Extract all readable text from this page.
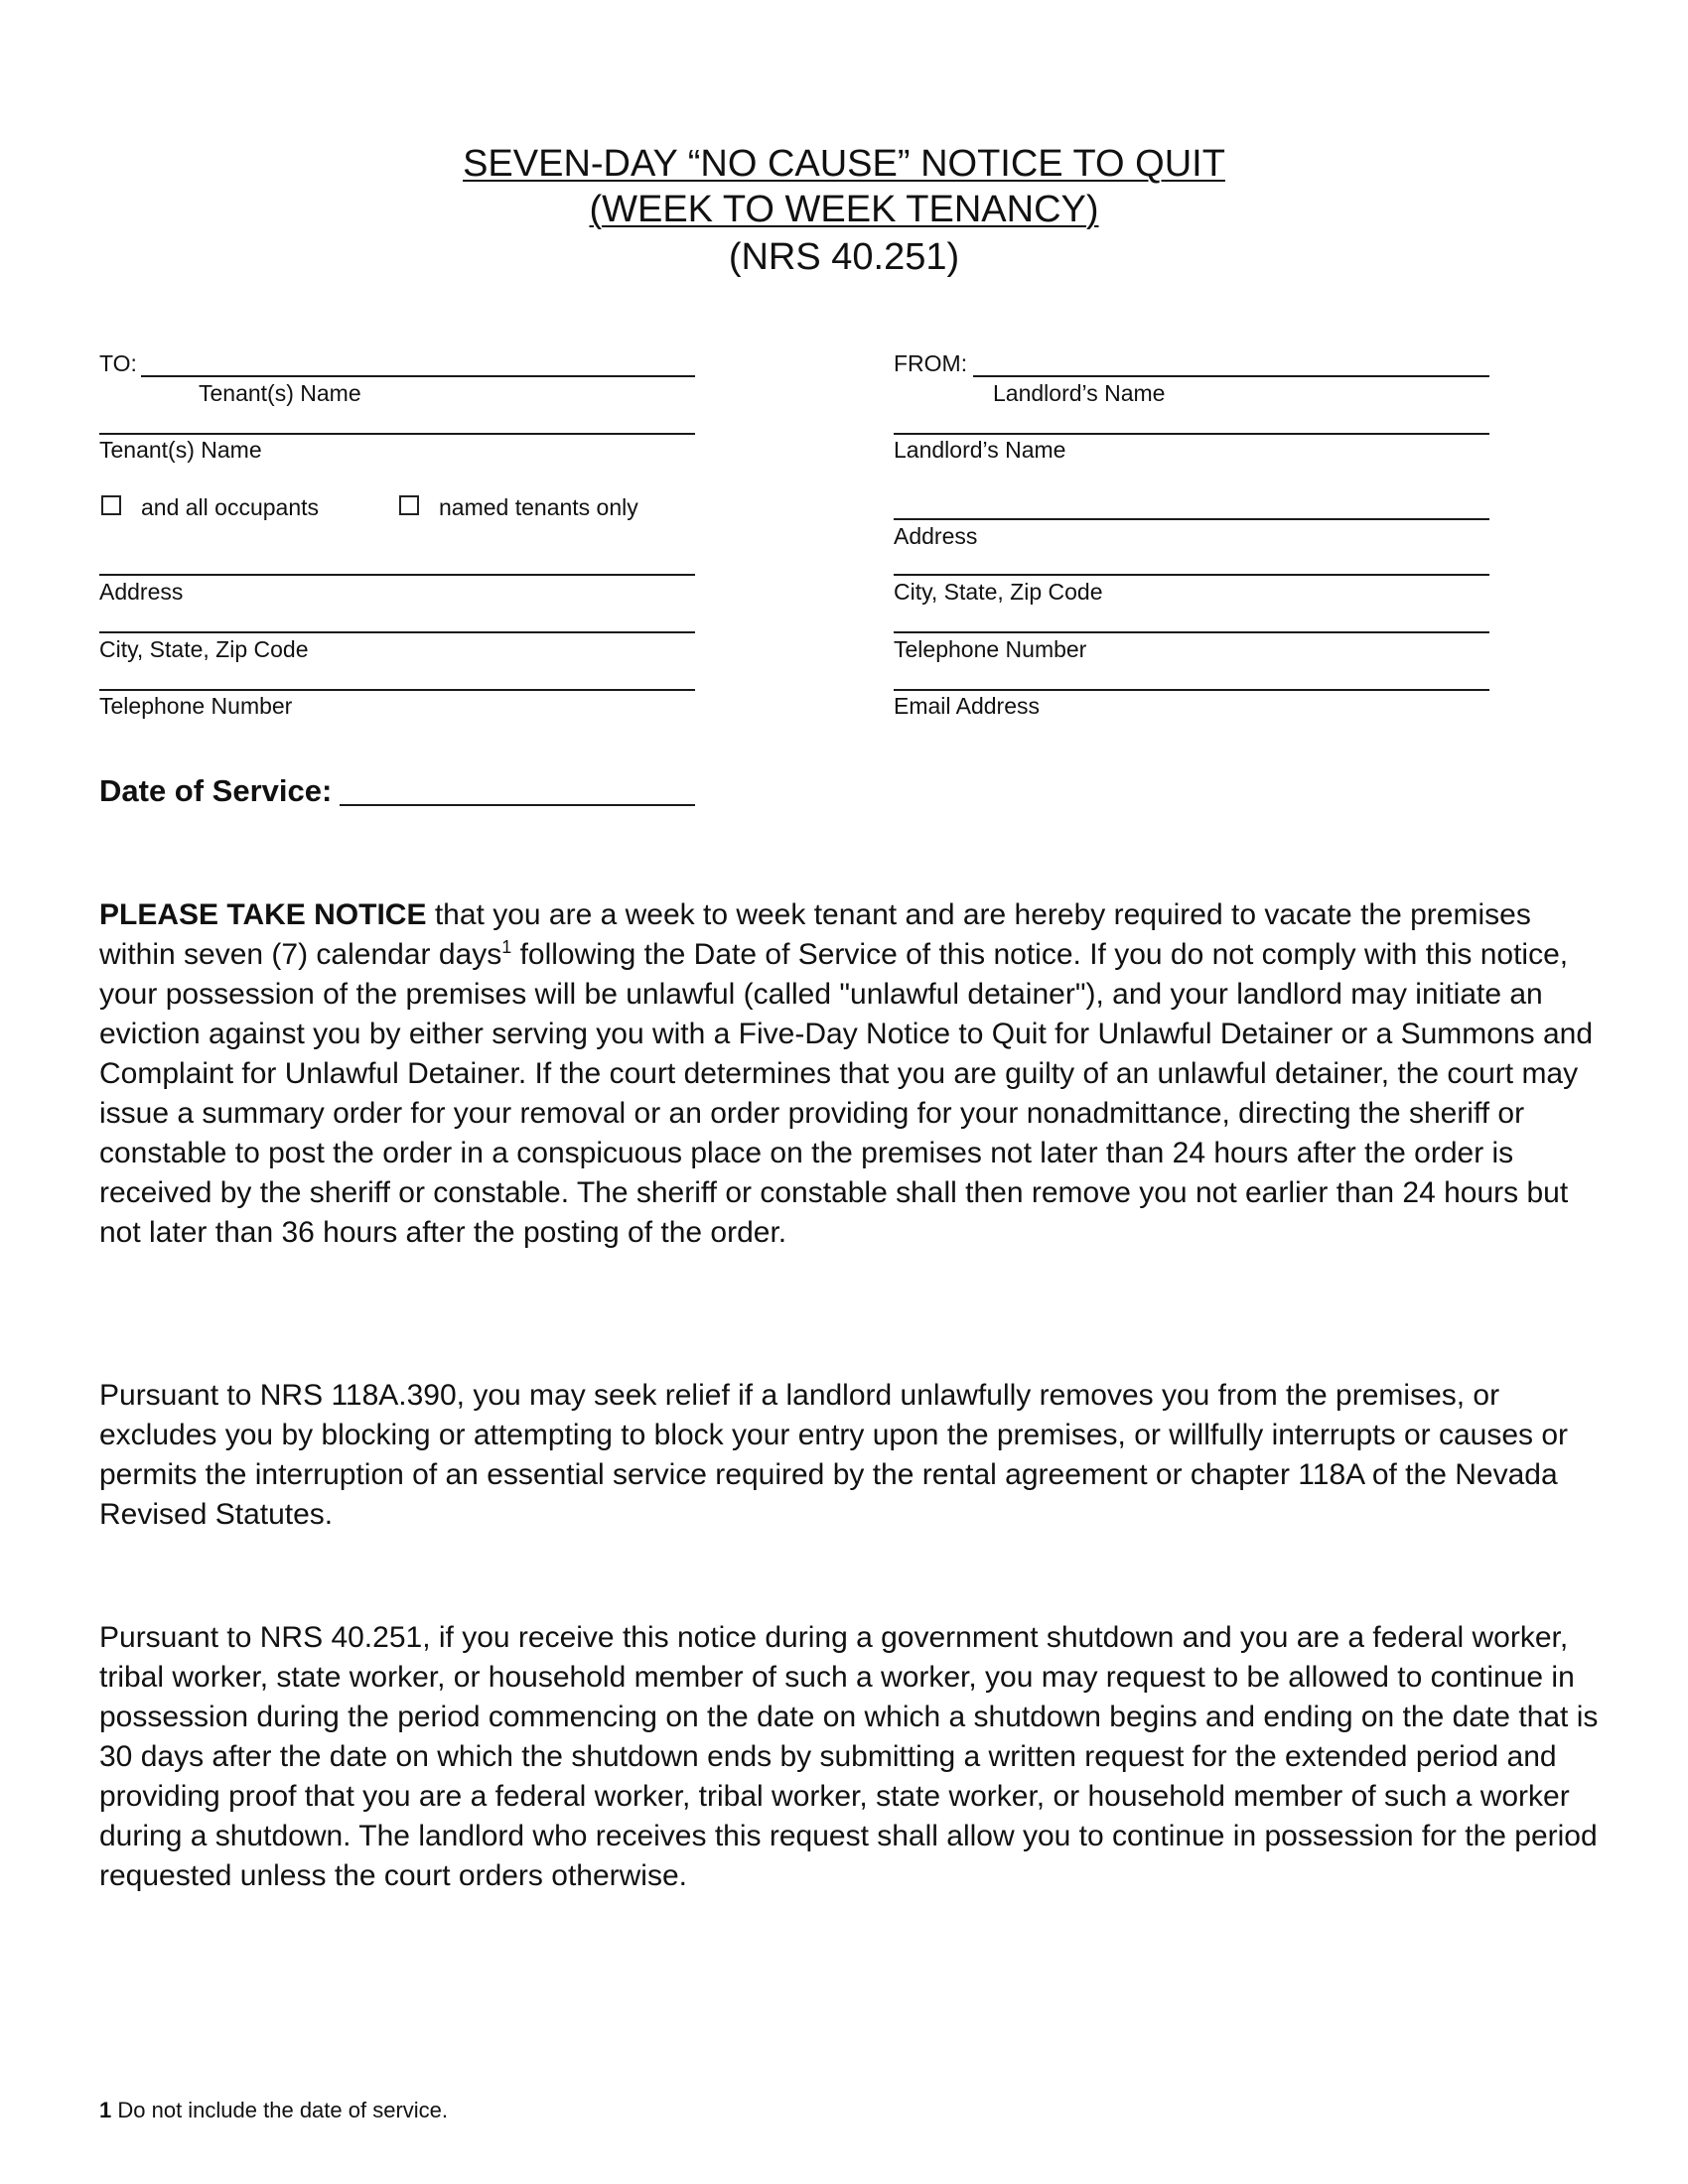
SEVEN-DAY “NO CAUSE” NOTICE TO QUIT
(WEEK TO WEEK TENANCY)
(NRS 40.251)
TO:
Tenant(s) Name
Tenant(s) Name
and all occupants	named tenants only
Address
City, State, Zip Code
Telephone Number
FROM:
Landlord’s Name
Landlord’s Name
Address
City, State, Zip Code
Telephone Number
Email Address
Date of Service:

PLEASE TAKE NOTICE that you are a week to week tenant and are hereby required to vacate the premises within seven (7) calendar days$^1$ following the Date of Service of this notice. If you do not comply with this notice, your possession of the premises will be unlawful (called "unlawful detainer"), and your landlord may initiate an eviction against you by either serving you with a Five-Day Notice to Quit for Unlawful Detainer or a Summons and Complaint for Unlawful Detainer. If the court determines that you are guilty of an unlawful detainer, the court may issue a summary order for your removal or an order providing for your nonadmittance, directing the sheriff or constable to post the order in a conspicuous place on the premises not later than 24 hours after the order is received by the sheriff or constable. The sheriff or constable shall then remove you not earlier than 24 hours but not later than 36 hours after the posting of the order.

Pursuant to NRS 118A.390, you may seek relief if a landlord unlawfully removes you from the premises, or excludes you by blocking or attempting to block your entry upon the premises, or willfully interrupts or causes or permits the interruption of an essential service required by the rental agreement or chapter 118A of the Nevada Revised Statutes.

Pursuant to NRS 40.251, if you receive this notice during a government shutdown and you are a federal worker, tribal worker, state worker, or household member of such a worker, you may request to be allowed to continue in possession during the period commencing on the date on which a shutdown begins and ending on the date that is 30 days after the date on which the shutdown ends by submitting a written request for the extended period and providing proof that you are a federal worker, tribal worker, state worker, or household member of such a worker during a shutdown. The landlord who receives this request shall allow you to continue in possession for the period requested unless the court orders otherwise.

1 Do not include the date of service.
